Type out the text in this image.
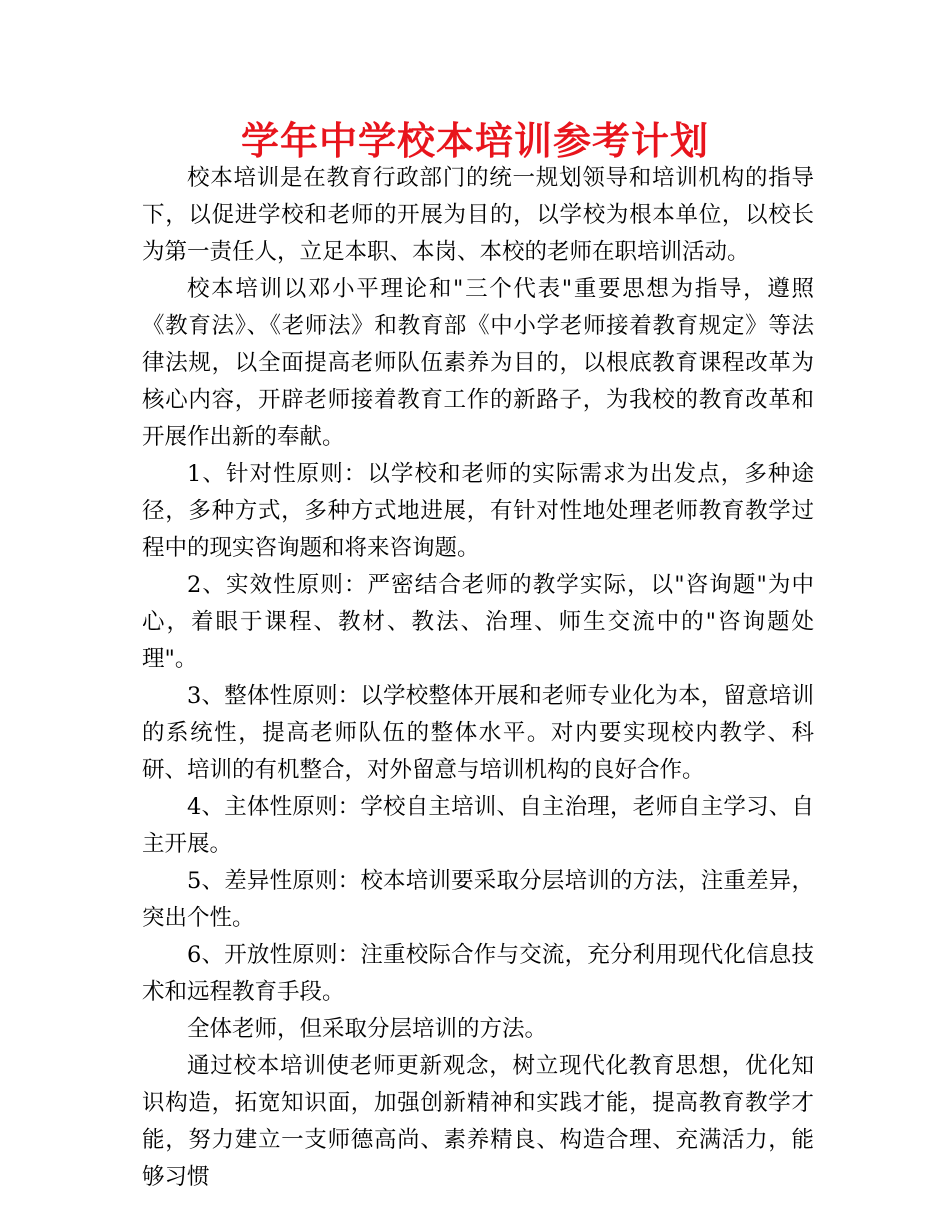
学年中学校本培训参考计划

校本培训是在教育行政部门的统一规划领导和培训机构的指导下，以促进学校和老师的开展为目的，以学校为根本单位，以校长为第一责任人，立足本职、本岗、本校的老师在职培训活动。

校本培训以邓小平理论和"三个代表"重要思想为指导，遵照《教育法》、《老师法》和教育部《中小学老师接着教育规定》等法律法规，以全面提高老师队伍素养为目的，以根底教育课程改革为核心内容，开辟老师接着教育工作的新路子，为我校的教育改革和开展作出新的奉献。

1、针对性原则：以学校和老师的实际需求为出发点，多种途径，多种方式，多种方式地进展，有针对性地处理老师教育教学过程中的现实咨询题和将来咨询题。

2、实效性原则：严密结合老师的教学实际，以"咨询题"为中心，着眼于课程、教材、教法、治理、师生交流中的"咨询题处理"。

3、整体性原则：以学校整体开展和老师专业化为本，留意培训的系统性，提高老师队伍的整体水平。对内要实现校内教学、科研、培训的有机整合，对外留意与培训机构的良好合作。

4、主体性原则：学校自主培训、自主治理，老师自主学习、自主开展。

5、差异性原则：校本培训要采取分层培训的方法，注重差异，突出个性。

6、开放性原则：注重校际合作与交流，充分利用现代化信息技术和远程教育手段。

全体老师，但采取分层培训的方法。

通过校本培训使老师更新观念，树立现代化教育思想，优化知识构造，拓宽知识面，加强创新精神和实践才能，提高教育教学才能，努力建立一支师德高尚、素养精良、构造合理、充满活力，能够习惯
